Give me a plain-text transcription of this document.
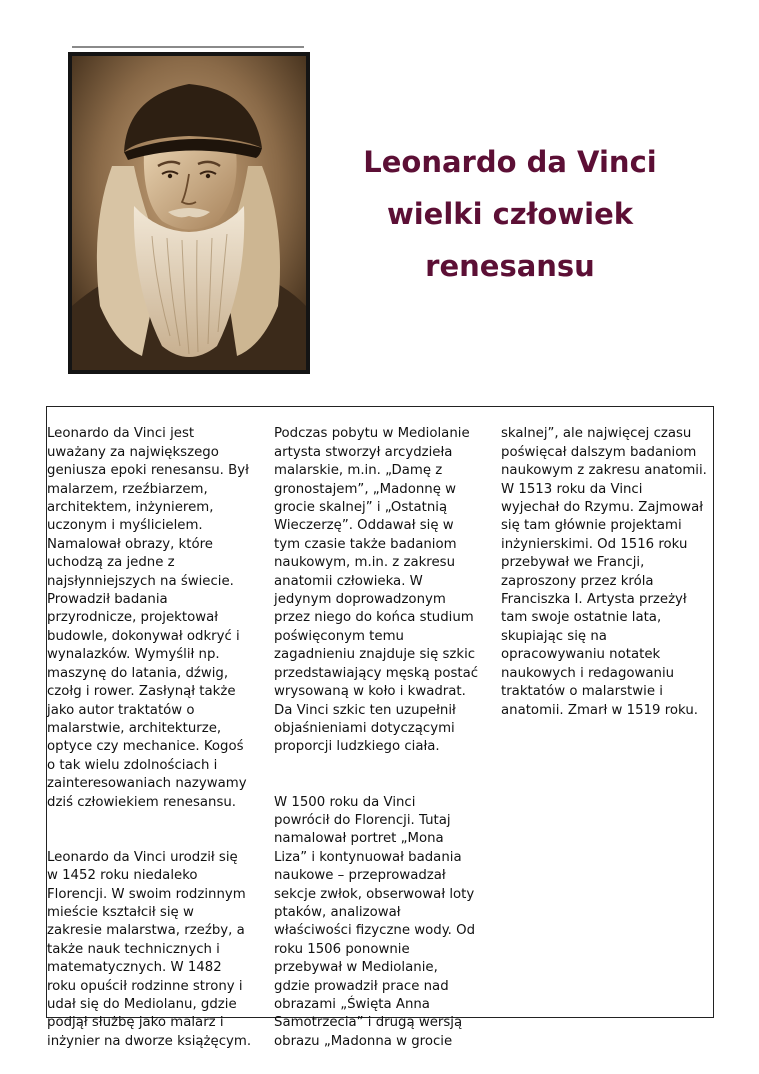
Leonardo da Vinci
wielki człowiek
renesansu

Leonardo da Vinci jest
uważany za największego
geniusza epoki renesansu. Był
malarzem, rzeźbiarzem,
architektem, inżynierem,
uczonym i myślicielem.
Namalował obrazy, które
uchodzą za jedne z
najsłynniejszych na świecie.
Prowadził badania
przyrodnicze, projektował
budowle, dokonywał odkryć i
wynalazków. Wymyślił np.
maszynę do latania, dźwig,
czołg i rower. Zasłynął także
jako autor traktatów o
malarstwie, architekturze,
optyce czy mechanice. Kogoś
o tak wielu zdolnościach i
zainteresowaniach nazywamy
dziś człowiekiem renesansu.

Leonardo da Vinci urodził się
w 1452 roku niedaleko
Florencji. W swoim rodzinnym
mieście kształcił się w
zakresie malarstwa, rzeźby, a
także nauk technicznych i
matematycznych. W 1482
roku opuścił rodzinne strony i
udał się do Mediolanu, gdzie
podjął służbę jako malarz i
inżynier na dworze książęcym.

Podczas pobytu w Mediolanie
artysta stworzył arcydzieła
malarskie, m.in. „Damę z
gronostajem”, „Madonnę w
grocie skalnej” i „Ostatnią
Wieczerzę”. Oddawał się w
tym czasie także badaniom
naukowym, m.in. z zakresu
anatomii człowieka. W
jedynym doprowadzonym
przez niego do końca studium
poświęconym temu
zagadnieniu znajduje się szkic
przedstawiający męską postać
wrysowaną w koło i kwadrat.
Da Vinci szkic ten uzupełnił
objaśnieniami dotyczącymi
proporcji ludzkiego ciała.

W 1500 roku da Vinci
powrócił do Florencji. Tutaj
namalował portret „Mona
Liza” i kontynuował badania
naukowe – przeprowadzał
sekcje zwłok, obserwował loty
ptaków, analizował
właściwości fizyczne wody. Od
roku 1506 ponownie
przebywał w Mediolanie,
gdzie prowadził prace nad
obrazami „Święta Anna
Samotrzecia” i drugą wersją
obrazu „Madonna w grocie

skalnej”, ale najwięcej czasu
poświęcał dalszym badaniom
naukowym z zakresu anatomii.
W 1513 roku da Vinci
wyjechał do Rzymu. Zajmował
się tam głównie projektami
inżynierskimi. Od 1516 roku
przebywał we Francji,
zaproszony przez króla
Franciszka I. Artysta przeżył
tam swoje ostatnie lata,
skupiając się na
opracowywaniu notatek
naukowych i redagowaniu
traktatów o malarstwie i
anatomii. Zmarł w 1519 roku.
